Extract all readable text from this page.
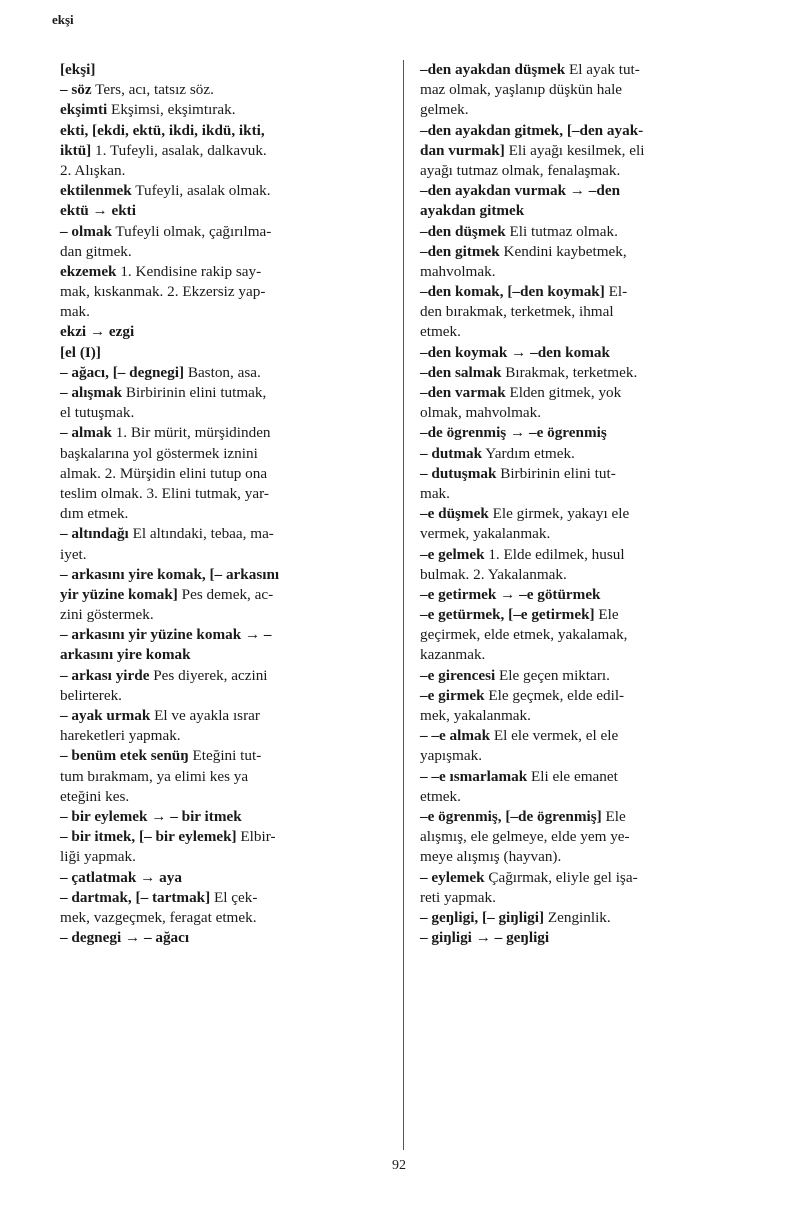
ekşi
[ekşi]
– söz Ters, acı, tatsız söz.
ekşimti Ekşimsi, ekşimtırak.
ekti, [ekdi, ektü, ikdi, ikdü, ikti,
iktü] 1. Tufeyli, asalak, dalkavuk.
2. Alışkan.
ektilenmek Tufeyli, asalak olmak.
ektü → ekti
– olmak Tufeyli olmak, çağırılma-
dan gitmek.
ekzemek 1. Kendisine rakip say-
mak, kıskanmak. 2. Ekzersiz yap-
mak.
ekzi → ezgi
[el (I)]
– ağacı, [– degnegi] Baston, asa.
– alışmak Birbirinin elini tutmak,
el tutuşmak.
– almak 1. Bir mürit, mürşidinden
başkalarına yol göstermek iznini
almak. 2. Mürşidin elini tutup ona
teslim olmak. 3. Elini tutmak, yar-
dım etmek.
– altındağı El altındaki, tebaa, ma-
iyet.
– arkasını yire komak, [– arkasını
yir yüzine komak] Pes demek, ac-
zini göstermek.
– arkasını yir yüzine komak → –
arkasını yire komak
– arkası yirde Pes diyerek, aczini
belirterek.
– ayak urmak El ve ayakla ısrar
hareketleri yapmak.
– benüm etek senüŋ Eteğini tut-
tum bırakmam, ya elimi kes ya
eteğini kes.
– bir eylemek → – bir itmek
– bir itmek, [– bir eylemek] Elbir-
liği yapmak.
– çatlatmak → aya
– dartmak, [– tartmak] El çek-
mek, vazgeçmek, feragat etmek.
– degnegi → – ağacı
–den ayakdan düşmek El ayak tut-
maz olmak, yaşlanıp düşkün hale
gelmek.
–den ayakdan gitmek, [–den ayak-
dan vurmak] Eli ayağı kesilmek, eli
ayağı tutmaz olmak, fenalaşmak.
–den ayakdan vurmak → –den
ayakdan gitmek
–den düşmek Eli tutmaz olmak.
–den gitmek Kendini kaybetmek,
mahvolmak.
–den komak, [–den koymak] El-
den bırakmak, terketmek, ihmal
etmek.
–den koymak → –den komak
–den salmak Bırakmak, terketmek.
–den varmak Elden gitmek, yok
olmak, mahvolmak.
–de ögrenmiş → –e ögrenmiş
– dutmak Yardım etmek.
– dutuşmak Birbirinin elini tut-
mak.
–e düşmek Ele girmek, yakayı ele
vermek, yakalanmak.
–e gelmek 1. Elde edilmek, husul
bulmak. 2. Yakalanmak.
–e getirmek → –e götürmek
–e getürmek, [–e getirmek] Ele
geçirmek, elde etmek, yakalamak,
kazanmak.
–e girencesi Ele geçen miktarı.
–e girmek Ele geçmek, elde edil-
mek, yakalanmak.
– –e almak El ele vermek, el ele
yapışmak.
– –e ısmarlamak Eli ele emanet
etmek.
–e ögrenmiş, [–de ögrenmiş] Ele
alışmış, ele gelmeye, elde yem ye-
meye alışmış (hayvan).
– eylemek Çağırmak, eliyle gel işa-
reti yapmak.
– geŋligi, [– giŋligi] Zenginlik.
– giŋligi → – geŋligi
92
